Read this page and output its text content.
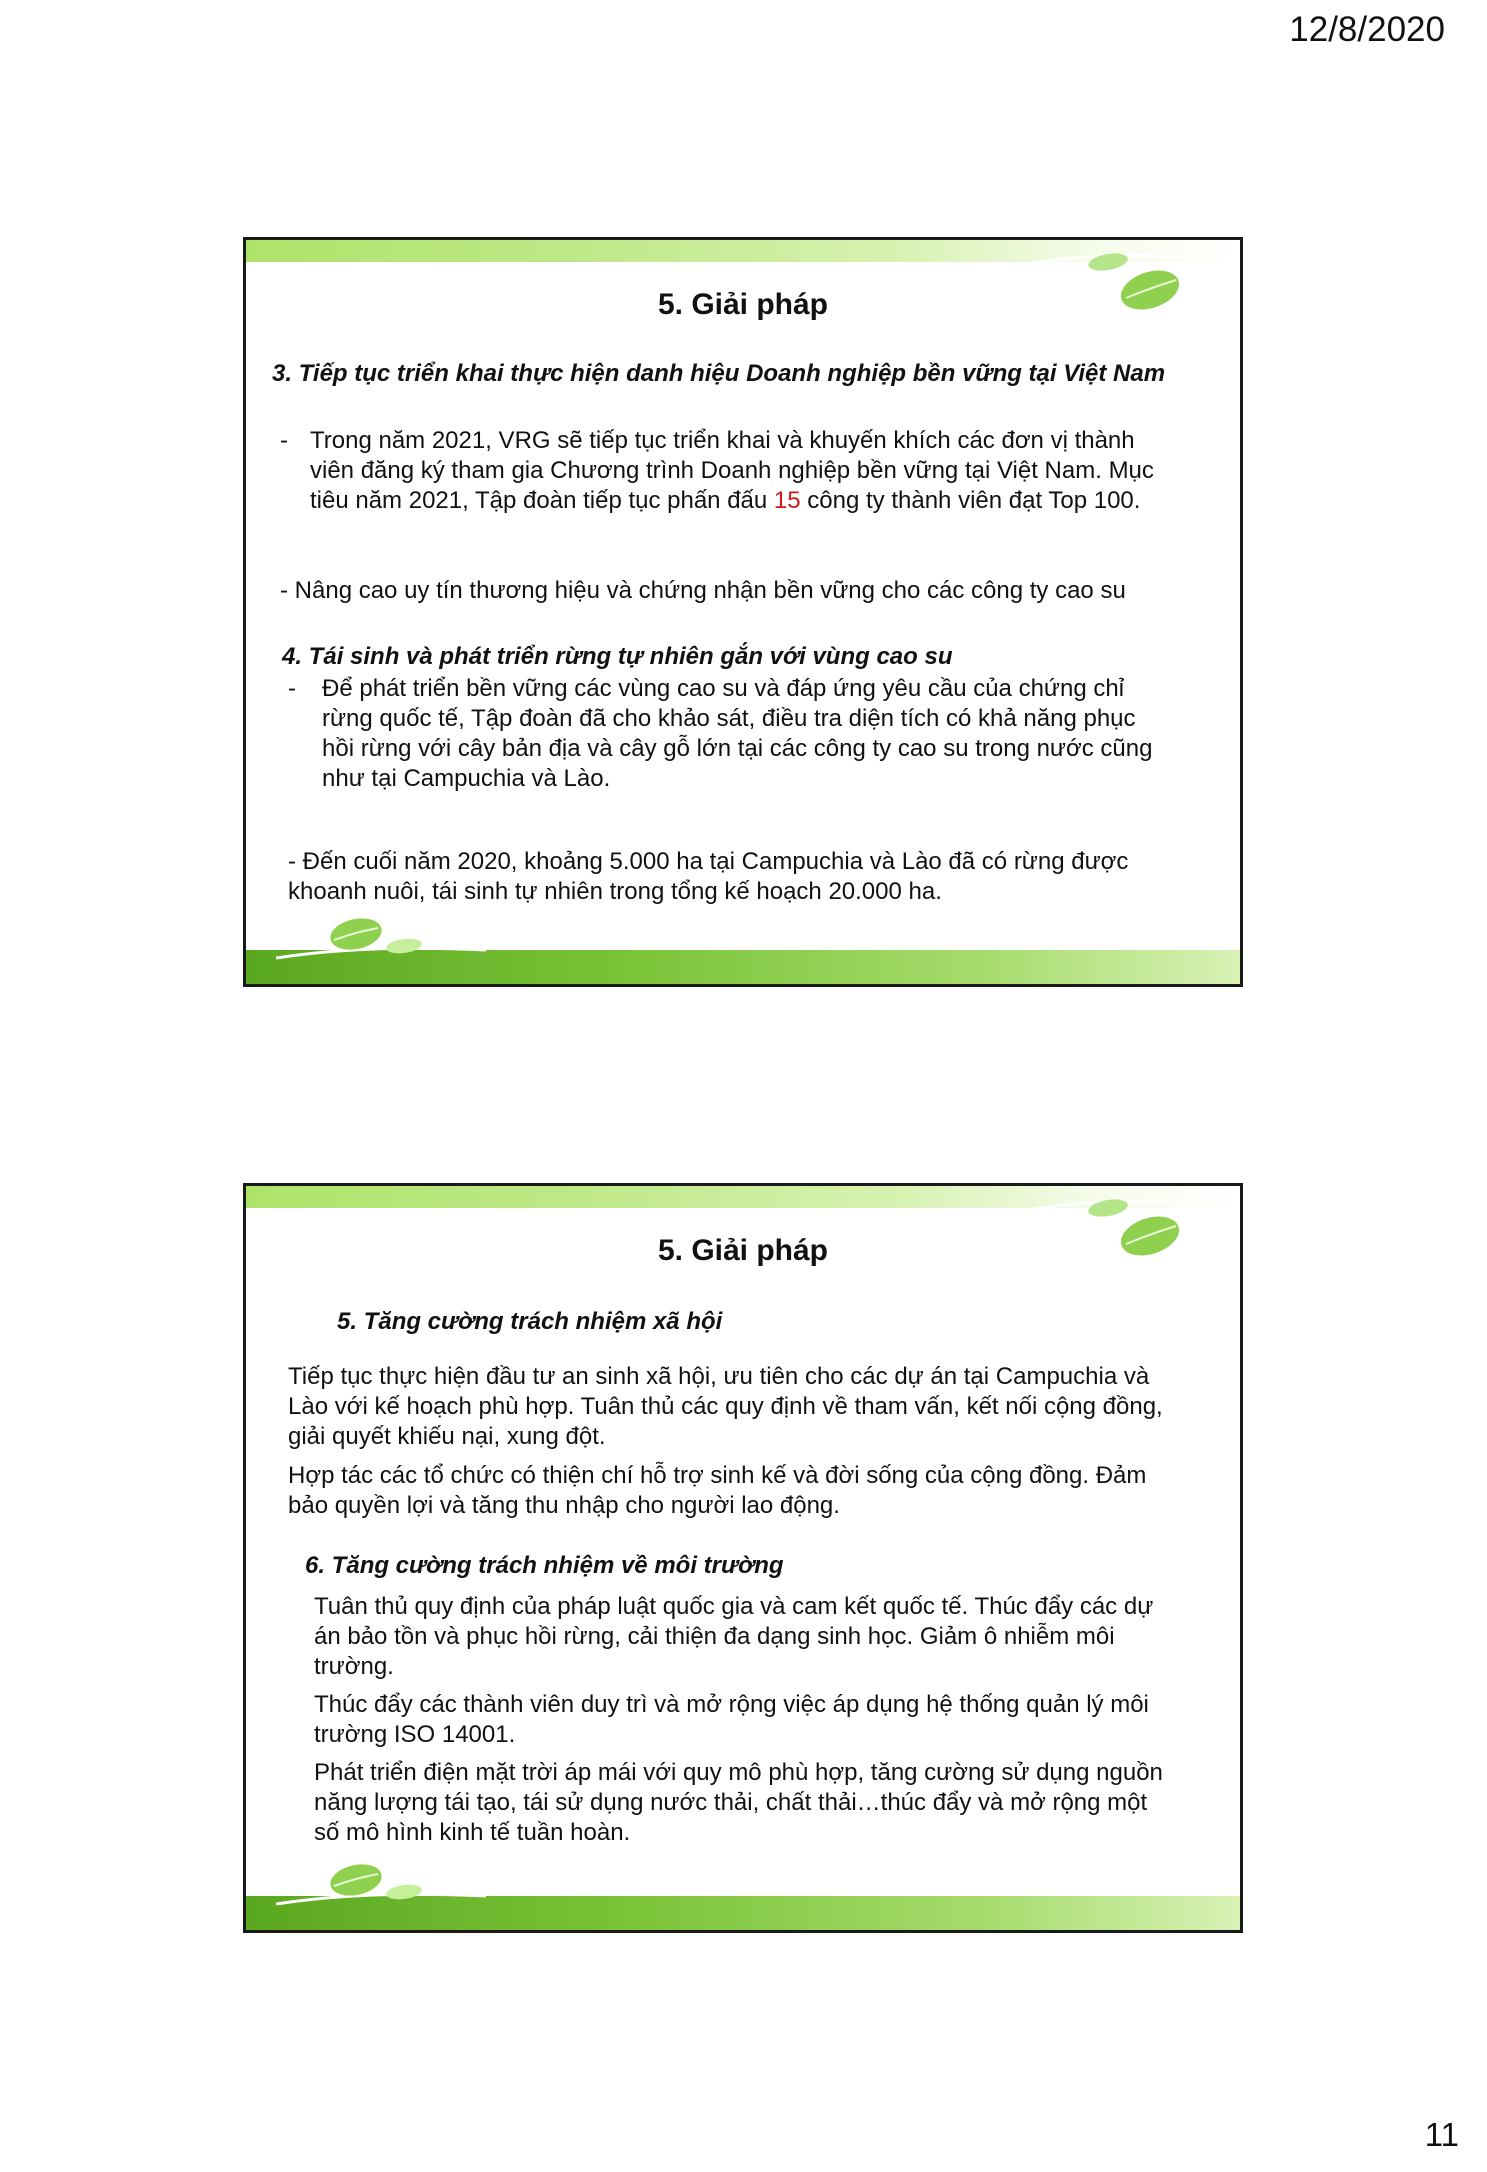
12/8/2020
5. Giải pháp
3. Tiếp tục triển khai thực hiện danh hiệu Doanh nghiệp bền vững tại Việt Nam
- Trong năm 2021, VRG sẽ tiếp tục triển khai và khuyến khích các đơn vị thành viên đăng ký tham gia Chương trình Doanh nghiệp bền vững tại Việt Nam. Mục tiêu năm 2021, Tập đoàn tiếp tục phấn đấu 15 công ty thành viên đạt Top 100.

- Nâng cao uy tín thương hiệu và chứng nhận bền vững cho các công ty cao su
4. Tái sinh và phát triển rừng tự nhiên gắn với vùng cao su
-	Để phát triển bền vững các vùng cao su và đáp ứng yêu cầu của chứng chỉ rừng quốc tế, Tập đoàn đã cho khảo sát, điều tra diện tích có khả năng phục hồi rừng với cây bản địa và cây gỗ lớn tại các công ty cao su trong nước cũng như tại Campuchia và Lào.

- Đến cuối năm 2020, khoảng 5.000 ha tại Campuchia và Lào đã có rừng được khoanh nuôi, tái sinh tự nhiên trong tổng kế hoạch 20.000 ha.
5. Giải pháp
5. Tăng cường trách nhiệm xã hội
Tiếp tục thực hiện đầu tư an sinh xã hội, ưu tiên cho các dự án tại Campuchia và Lào với kế hoạch phù hợp. Tuân thủ các quy định về tham vấn, kết nối cộng đồng, giải quyết khiếu nại, xung đột.
Hợp tác các tổ chức có thiện chí hỗ trợ sinh kế và đời sống của cộng đồng. Đảm bảo quyền lợi và tăng thu nhập cho người lao động.
6. Tăng cường trách nhiệm về môi trường
Tuân thủ quy định của pháp luật quốc gia và cam kết quốc tế. Thúc đẩy các dự án bảo tồn và phục hồi rừng, cải thiện đa dạng sinh học. Giảm ô nhiễm môi trường.
Thúc đẩy các thành viên duy trì và mở rộng việc áp dụng hệ thống quản lý môi trường ISO 14001.
Phát triển điện mặt trời áp mái với quy mô phù hợp, tăng cường sử dụng nguồn năng lượng tái tạo, tái sử dụng nước thải, chất thải…thúc đẩy và mở rộng một số mô hình kinh tế tuần hoàn.
11
